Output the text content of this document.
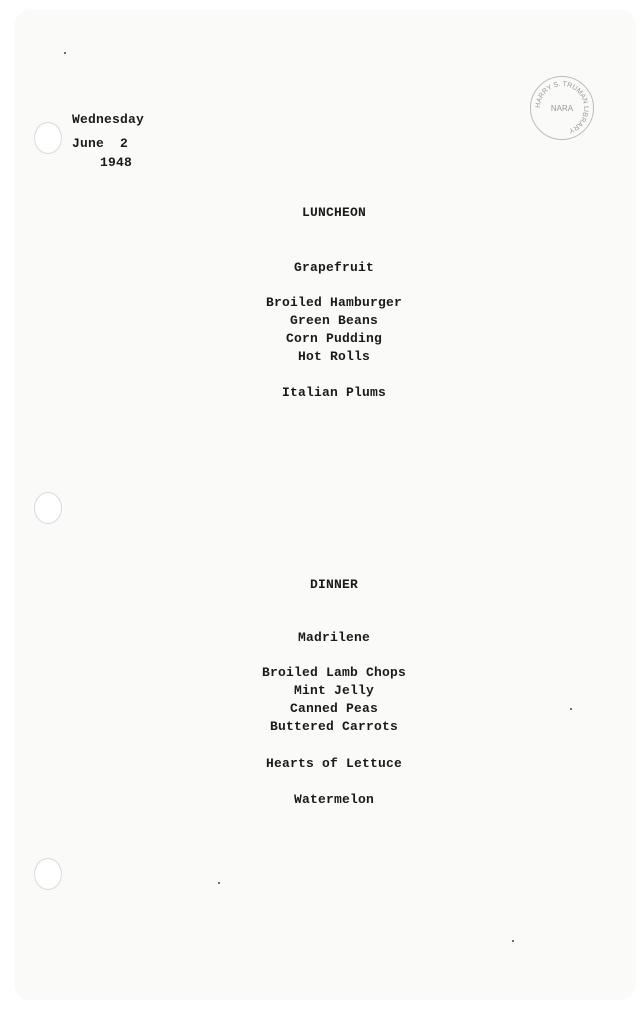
HARRY S. TRUMAN LIBRARY
NARA
Wednesday
June  2
1948
LUNCHEON
Grapefruit
Broiled Hamburger
Green Beans
Corn Pudding
Hot Rolls
Italian Plums
DINNER
Madrilene
Broiled Lamb Chops
Mint Jelly
Canned Peas
Buttered Carrots
Hearts of Lettuce
Watermelon
